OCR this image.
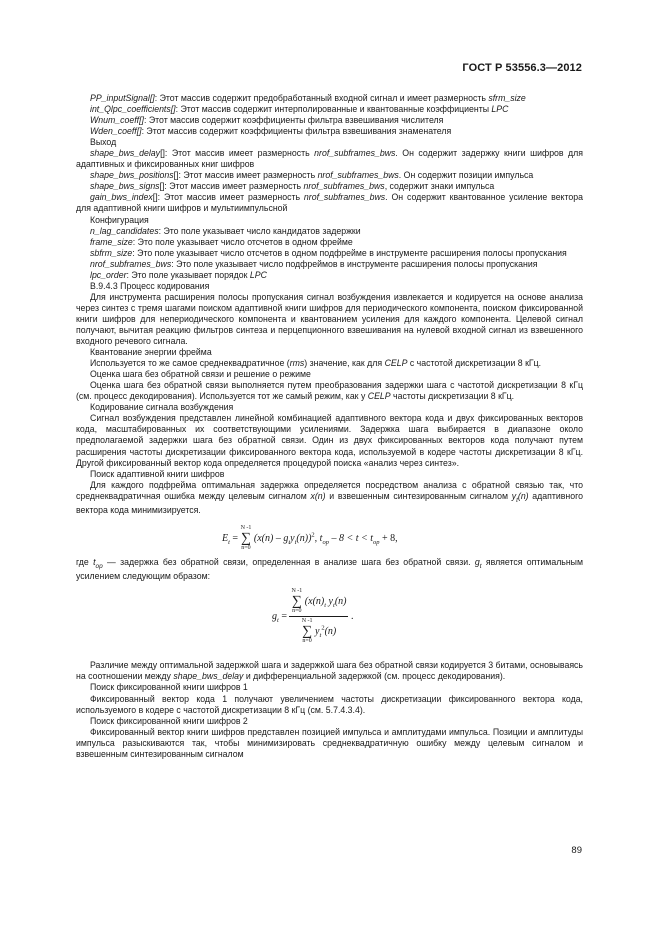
ГОСТ Р 53556.3—2012

PP_inputSignal[]: Этот массив содержит предобработанный входной сигнал и имеет размерность sfrm_size

int_Qlpc_coefficients[]: Этот массив содержит интерполированные и квантованные коэффициенты LPC

Wnum_coeff[]: Этот массив содержит коэффициенты фильтра взвешивания числителя

Wden_coeff[]: Этот массив содержит коэффициенты фильтра взвешивания знаменателя

Выход

shape_bws_delay[]: Этот массив имеет размерность nrof_subframes_bws. Он содержит задержку книги шифров для адаптивных и фиксированных книг шифров

shape_bws_positions[]: Этот массив имеет размерность nrof_subframes_bws. Он содержит позиции импульса

shape_bws_signs[]: Этот массив имеет размерность nrof_subframes_bws, содержит знаки импульса

gain_bws_index[]: Этот массив имеет размерность nrof_subframes_bws. Он содержит квантованное усиление вектора для адаптивной книги шифров и мультиимпульсной

Конфигурация

n_lag_candidates: Это поле указывает число кандидатов задержки

frame_size: Это поле указывает число отсчетов в одном фрейме

sbfrm_size: Это поле указывает число отсчетов в одном подфрейме в инструменте расширения полосы пропускания

nrof_subframes_bws: Это поле указывает число подфреймов в инструменте расширения полосы пропускания

lpc_order: Это поле указывает порядок LPC

В.9.4.3 Процесс кодирования

Для инструмента расширения полосы пропускания сигнал возбуждения извлекается и кодируется на основе анализа через синтез с тремя шагами поиском адаптивной книги шифров для периодического компонента, поиском фиксированной книги шифров для непериодического компонента и квантованием усиления для каждого компонента. Целевой сигнал получают, вычитая реакцию фильтров синтеза и перцепционного взвешивания на нулевой входной сигнал из взвешенного входного речевого сигнала.

Квантование энергии фрейма

Используется то же самое среднеквадратичное (rms) значение, как для CELP с частотой дискретизации 8 кГц.

Оценка шага без обратной связи и решение о режиме

Оценка шага без обратной связи выполняется путем преобразования задержки шага с частотой дискретизации 8 кГц (см. процесс декодирования). Используется тот же самый режим, как у CELP частоты дискретизации 8 кГц.

Кодирование сигнала возбуждения

Сигнал возбуждения представлен линейной комбинацией адаптивного вектора кода и двух фиксированных векторов кода, масштабированных их соответствующими усилениями. Задержка шага выбирается в диапазоне около предполагаемой задержки шага без обратной связи. Один из двух фиксированных векторов кода получают путем расширения частоты дискретизации фиксированного вектора кода, используемой в кодере частоты дискретизации 8 кГц. Другой фиксированный вектор кода определяется процедурой поиска «анализ через синтез».

Поиск адаптивной книги шифров

Для каждого подфрейма оптимальная задержка определяется посредством анализа с обратной связью так, что среднеквадратичная ошибка между целевым сигналом x(n) и взвешенным синтезированным сигналом $y_t(n)$ адаптивного вектора кода минимизируется.

$E_t$ =
N -1
∑
n=0
$(x(n) - g_ty_t(n))^2$, $t_{op} - 8 < t < t_{op} + 8$,

где $t_{op}$ — задержка без обратной связи, определенная в анализе шага без обратной связи. $g_t$ является оптимальным усилением следующим образом:

$g_t = N$ -1
∑
n=0
($x(n)_t$ $y_t(n)$
N -1
∑
n=0
$y_t^2(n)$ .

Различие между оптимальной задержкой шага и задержкой шага без обратной связи кодируется 3 битами, основываясь на соотношении между shape_bws_delay и дифференциальной задержкой (см. процесс декодирования).

Поиск фиксированной книги шифров 1

Фиксированный вектор кода 1 получают увеличением частоты дискретизации фиксированного вектора кода, используемого в кодере с частотой дискретизации 8 кГц (см. 5.7.4.3.4).

Поиск фиксированной книги шифров 2

Фиксированный вектор книги шифров представлен позицией импульса и амплитудами импульса. Позиции и амплитуды импульса разыскиваются так, чтобы минимизировать среднеквадратичную ошибку между целевым сигналом и взвешенным синтезированным сигналом

89
